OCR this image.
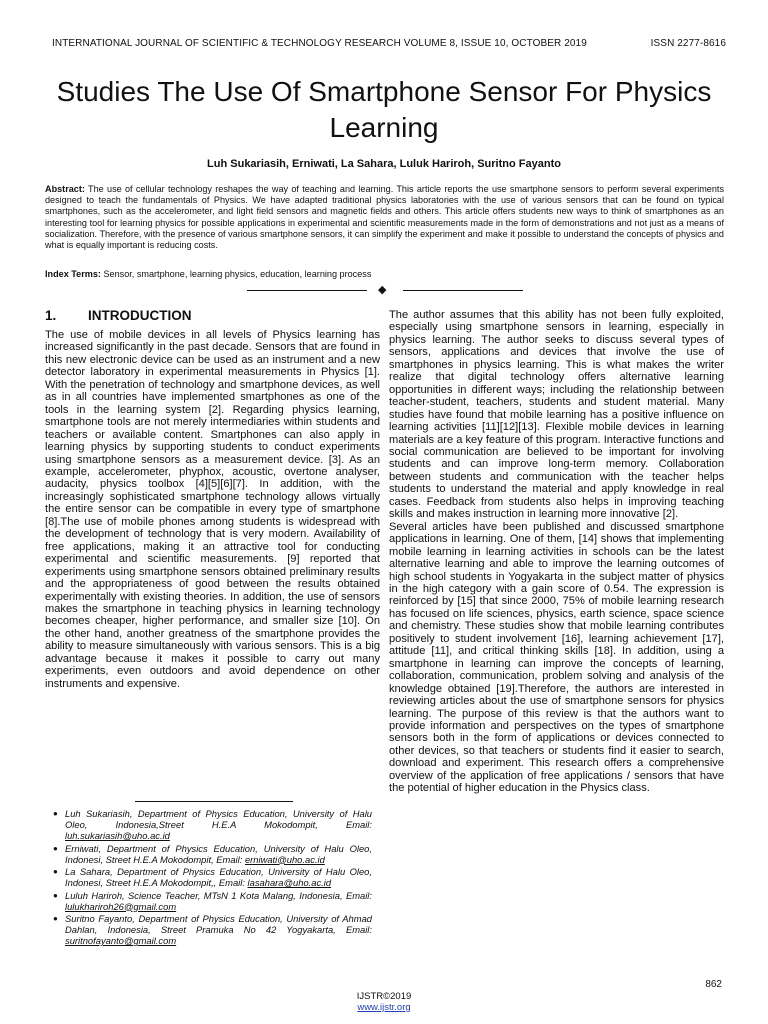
INTERNATIONAL JOURNAL OF SCIENTIFIC & TECHNOLOGY RESEARCH VOLUME 8, ISSUE 10, OCTOBER 2019	ISSN 2277-8616
Studies The Use Of Smartphone Sensor For Physics Learning
Luh Sukariasih, Erniwati, La Sahara, Luluk Hariroh, Suritno Fayanto

Abstract: The use of cellular technology reshapes the way of teaching and learning. This article reports the use smartphone sensors to perform several experiments designed to teach the fundamentals of Physics. We have adapted traditional physics laboratories with the use of various sensors that can be found on typical smartphones, such as the accelerometer, and light field sensors and magnetic fields and others. This article offers students new ways to think of smartphones as an interesting tool for learning physics for possible applications in experimental and scientific measurements made in the form of demonstrations and not just as a means of socialization. Therefore, with the presence of various smartphone sensors, it can simplify the experiment and make it possible to understand the concepts of physics and what is equally important is reducing costs.

Index Terms: Sensor, smartphone, learning physics, education, learning process

◆
1. INTRODUCTION

The use of mobile devices in all levels of Physics learning has increased significantly in the past decade. Sensors that are found in this new electronic device can be used as an instrument and a new detector laboratory in experimental measurements in Physics [1]. With the penetration of technology and smartphone devices, as well as in all countries have implemented smartphones as one of the tools in the learning system [2]. Regarding physics learning, smartphone tools are not merely intermediaries within students and teachers or available content. Smartphones can also apply in learning physics by supporting students to conduct experiments using smartphone sensors as a measurement device. [3]. As an example, accelerometer, phyphox, acoustic, overtone analyser, audacity, physics toolbox [4][5][6][7]. In addition, with the increasingly sophisticated smartphone technology allows virtually the entire sensor can be compatible in every type of smartphone [8].The use of mobile phones among students is widespread with the development of technology that is very modern. Availability of free applications, making it an attractive tool for conducting experimental and scientific measurements. [9] reported that experiments using smartphone sensors obtained preliminary results and the appropriateness of good between the results obtained experimentally with existing theories. In addition, the use of sensors makes the smartphone in teaching physics in learning technology becomes cheaper, higher performance, and smaller size [10]. On the other hand, another greatness of the smartphone provides the ability to measure simultaneously with various sensors. This is a big advantage because it makes it possible to carry out many experiments, even outdoors and avoid dependence on other instruments and expensive.

The author assumes that this ability has not been fully exploited, especially using smartphone sensors in learning, especially in physics learning. The author seeks to discuss several types of sensors, applications and devices that involve the use of smartphones in physics learning. This is what makes the writer realize that digital technology offers alternative learning opportunities in different ways; including the relationship between teacher-student, teachers, students and student material. Many studies have found that mobile learning has a positive influence on learning activities [11][12][13]. Flexible mobile devices in learning materials are a key feature of this program. Interactive functions and social communication are believed to be important for involving students and can improve long-term memory. Collaboration between students and communication with the teacher helps students to understand the material and apply knowledge in real cases. Feedback from students also helps in improving teaching skills and makes instruction in learning more innovative [2].

Several articles have been published and discussed smartphone applications in learning. One of them, [14] shows that implementing mobile learning in learning activities in schools can be the latest alternative learning and able to improve the learning outcomes of high school students in Yogyakarta in the subject matter of physics in the high category with a gain score of 0.54. The expression is reinforced by [15] that since 2000, 75% of mobile learning research has focused on life sciences, physics, earth science, space science and chemistry. These studies show that mobile learning contributes positively to student involvement [16], learning achievement [17], attitude [11], and critical thinking skills [18]. In addition, using a smartphone in learning can improve the concepts of learning, collaboration, communication, problem solving and analysis of the knowledge obtained [19].Therefore, the authors are interested in reviewing articles about the use of smartphone sensors for physics learning. The purpose of this review is that the authors want to provide information and perspectives on the types of smartphone sensors both in the form of applications or devices connected to other devices, so that teachers or students find it easier to search, download and experiment. This research offers a comprehensive overview of the application of free applications / sensors that have the potential of higher education in the Physics class.

● Luh Sukariasih, Department of Physics Education, University of Halu Oleo, Indonesia,Street H.E.A Mokodompit, Email: luh.sukariasih@uho.ac.id
● Erniwati, Department of Physics Education, University of Halu Oleo, Indonesi, Street H.E.A Mokodompit, Email: erniwati@uho.ac.id
● La Sahara, Department of Physics Education, University of Halu Oleo, Indonesi, Street H.E.A Mokodompit,, Email: lasahara@uho.ac.id
● Luluh Hariroh, Science Teacher, MTsN 1 Kota Malang, Indonesia, Email: lulukhariroh26@gmail.com
● Suritno Fayanto, Department of Physics Education, University of Ahmad Dahlan, Indonesia, Street Pramuka No 42 Yogyakarta, Email: suritnofayanto@gmail.com
862
IJSTR©2019
www.ijstr.org
